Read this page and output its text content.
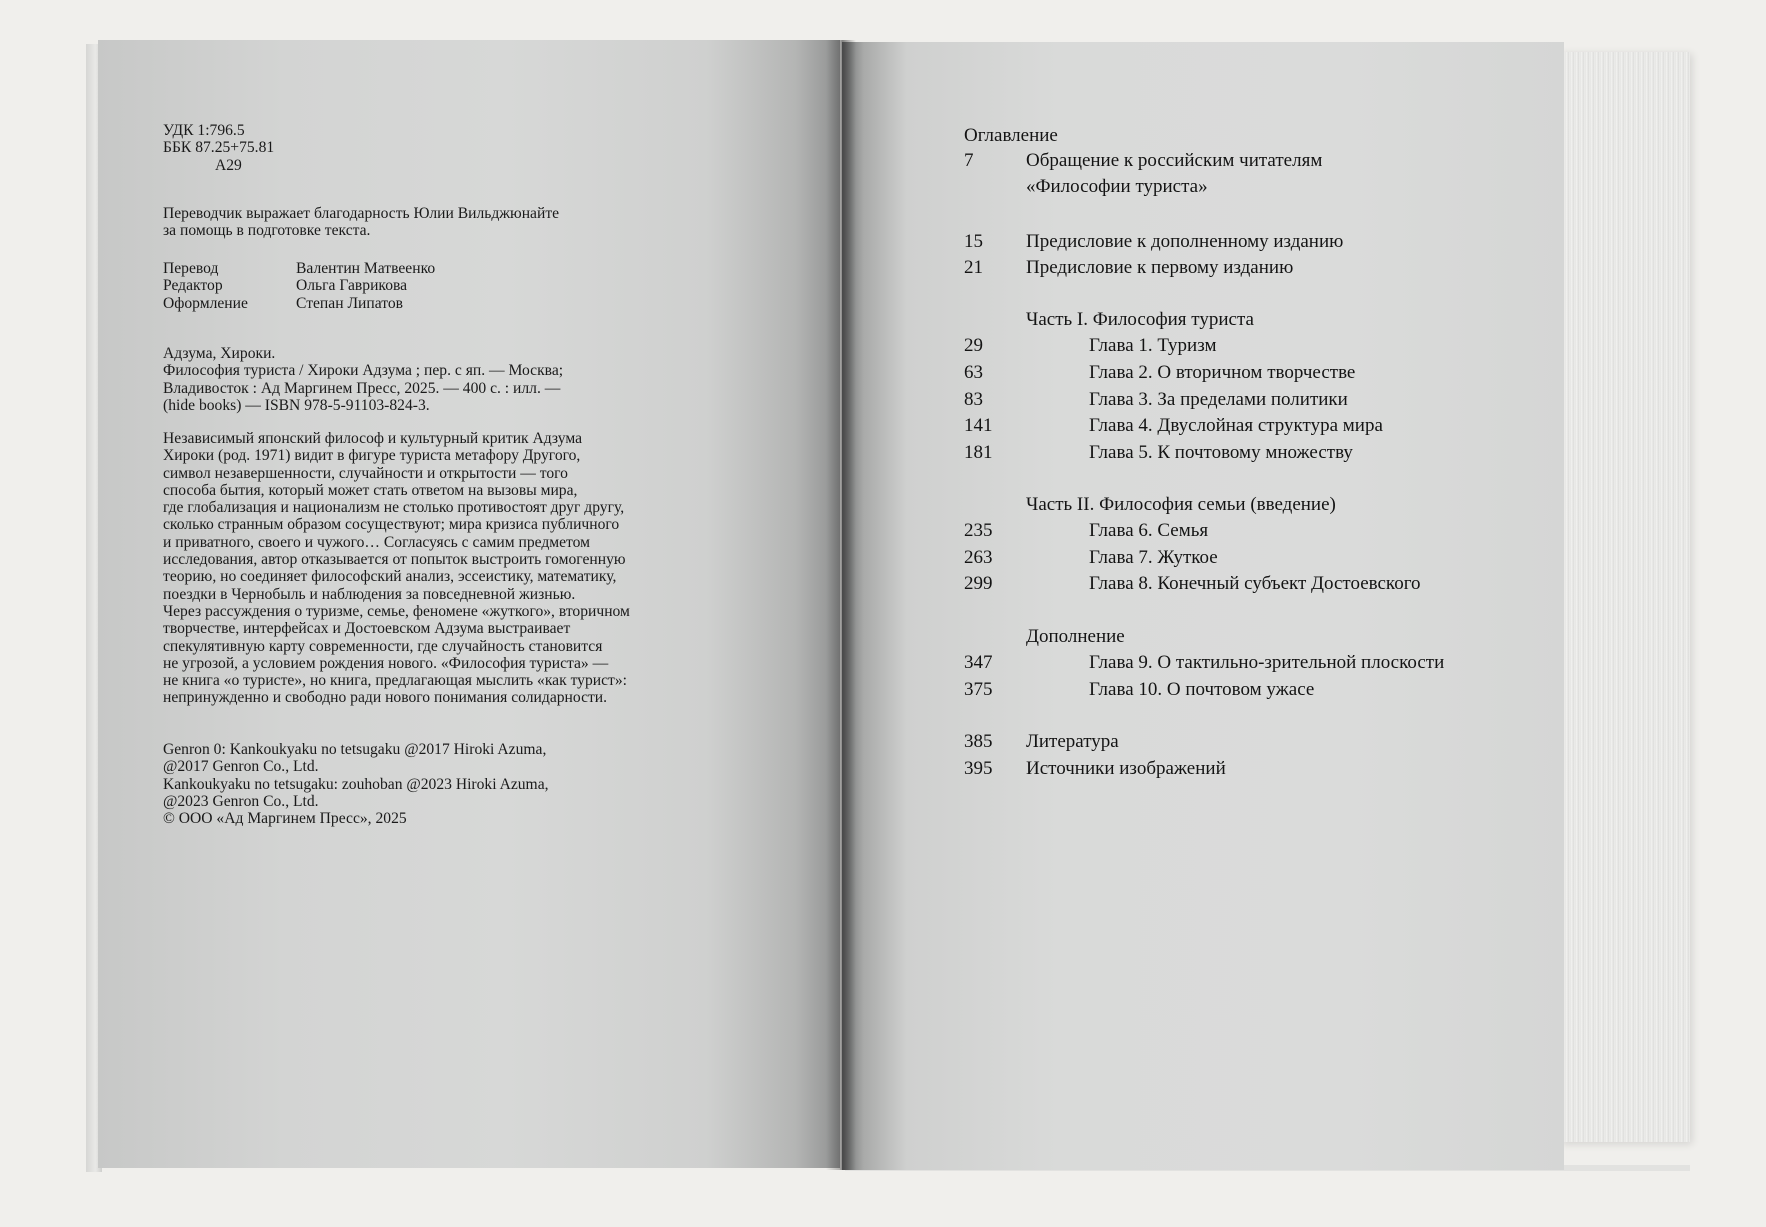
УДК 1:796.5
ББК 87.25+75.81
А29
Переводчик выражает благодарность Юлии Вильджюнайте
за помощь в подготовке текста.
Перевод	Валентин Матвеенко
Редактор	Ольга Гаврикова
Оформление	Степан Липатов
Адзума, Хироки.
Философия туриста / Хироки Адзума ; пер. с яп. — Москва;
Владивосток : Ад Маргинем Пресс, 2025. — 400 с. : илл. —
(hide books) — ISBN 978-5-91103-824-3.
Независимый японский философ и культурный критик Адзума
Хироки (род. 1971) видит в фигуре туриста метафору Другого,
символ незавершенности, случайности и открытости — того
способа бытия, который может стать ответом на вызовы мира,
где глобализация и национализм не столько противостоят друг другу,
сколько странным образом сосуществуют; мира кризиса публичного
и приватного, своего и чужого… Согласуясь с самим предметом
исследования, автор отказывается от попыток выстроить гомогенную
теорию, но соединяет философский анализ, эссеистику, математику,
поездки в Чернобыль и наблюдения за повседневной жизнью.
Через рассуждения о туризме, семье, феномене «жуткого», вторичном
творчестве, интерфейсах и Достоевском Адзума выстраивает
спекулятивную карту современности, где случайность становится
не угрозой, а условием рождения нового. «Философия туриста» —
не книга «о туристе», но книга, предлагающая мыслить «как турист»:
непринужденно и свободно ради нового понимания солидарности.
Genron 0: Kankoukyaku no tetsugaku @2017 Hiroki Azuma,
@2017 Genron Co., Ltd.
Kankoukyaku no tetsugaku: zouhoban @2023 Hiroki Azuma,
@2023 Genron Co., Ltd.
© ООО «Ад Маргинем Пресс», 2025
Оглавление
7	Обращение к российским читателям
«Философии туриста»
15	Предисловие к дополненному изданию
21	Предисловие к первому изданию
Часть I. Философия туриста
29	Глава 1. Туризм
63	Глава 2. О вторичном творчестве
83	Глава 3. За пределами политики
141	Глава 4. Двуслойная структура мира
181	Глава 5. К почтовому множеству
Часть II. Философия семьи (введение)
235	Глава 6. Семья
263	Глава 7. Жуткое
299	Глава 8. Конечный субъект Достоевского
Дополнение
347	Глава 9. О тактильно-зрительной плоскости
375	Глава 10. О почтовом ужасе
385	Литература
395	Источники изображений
